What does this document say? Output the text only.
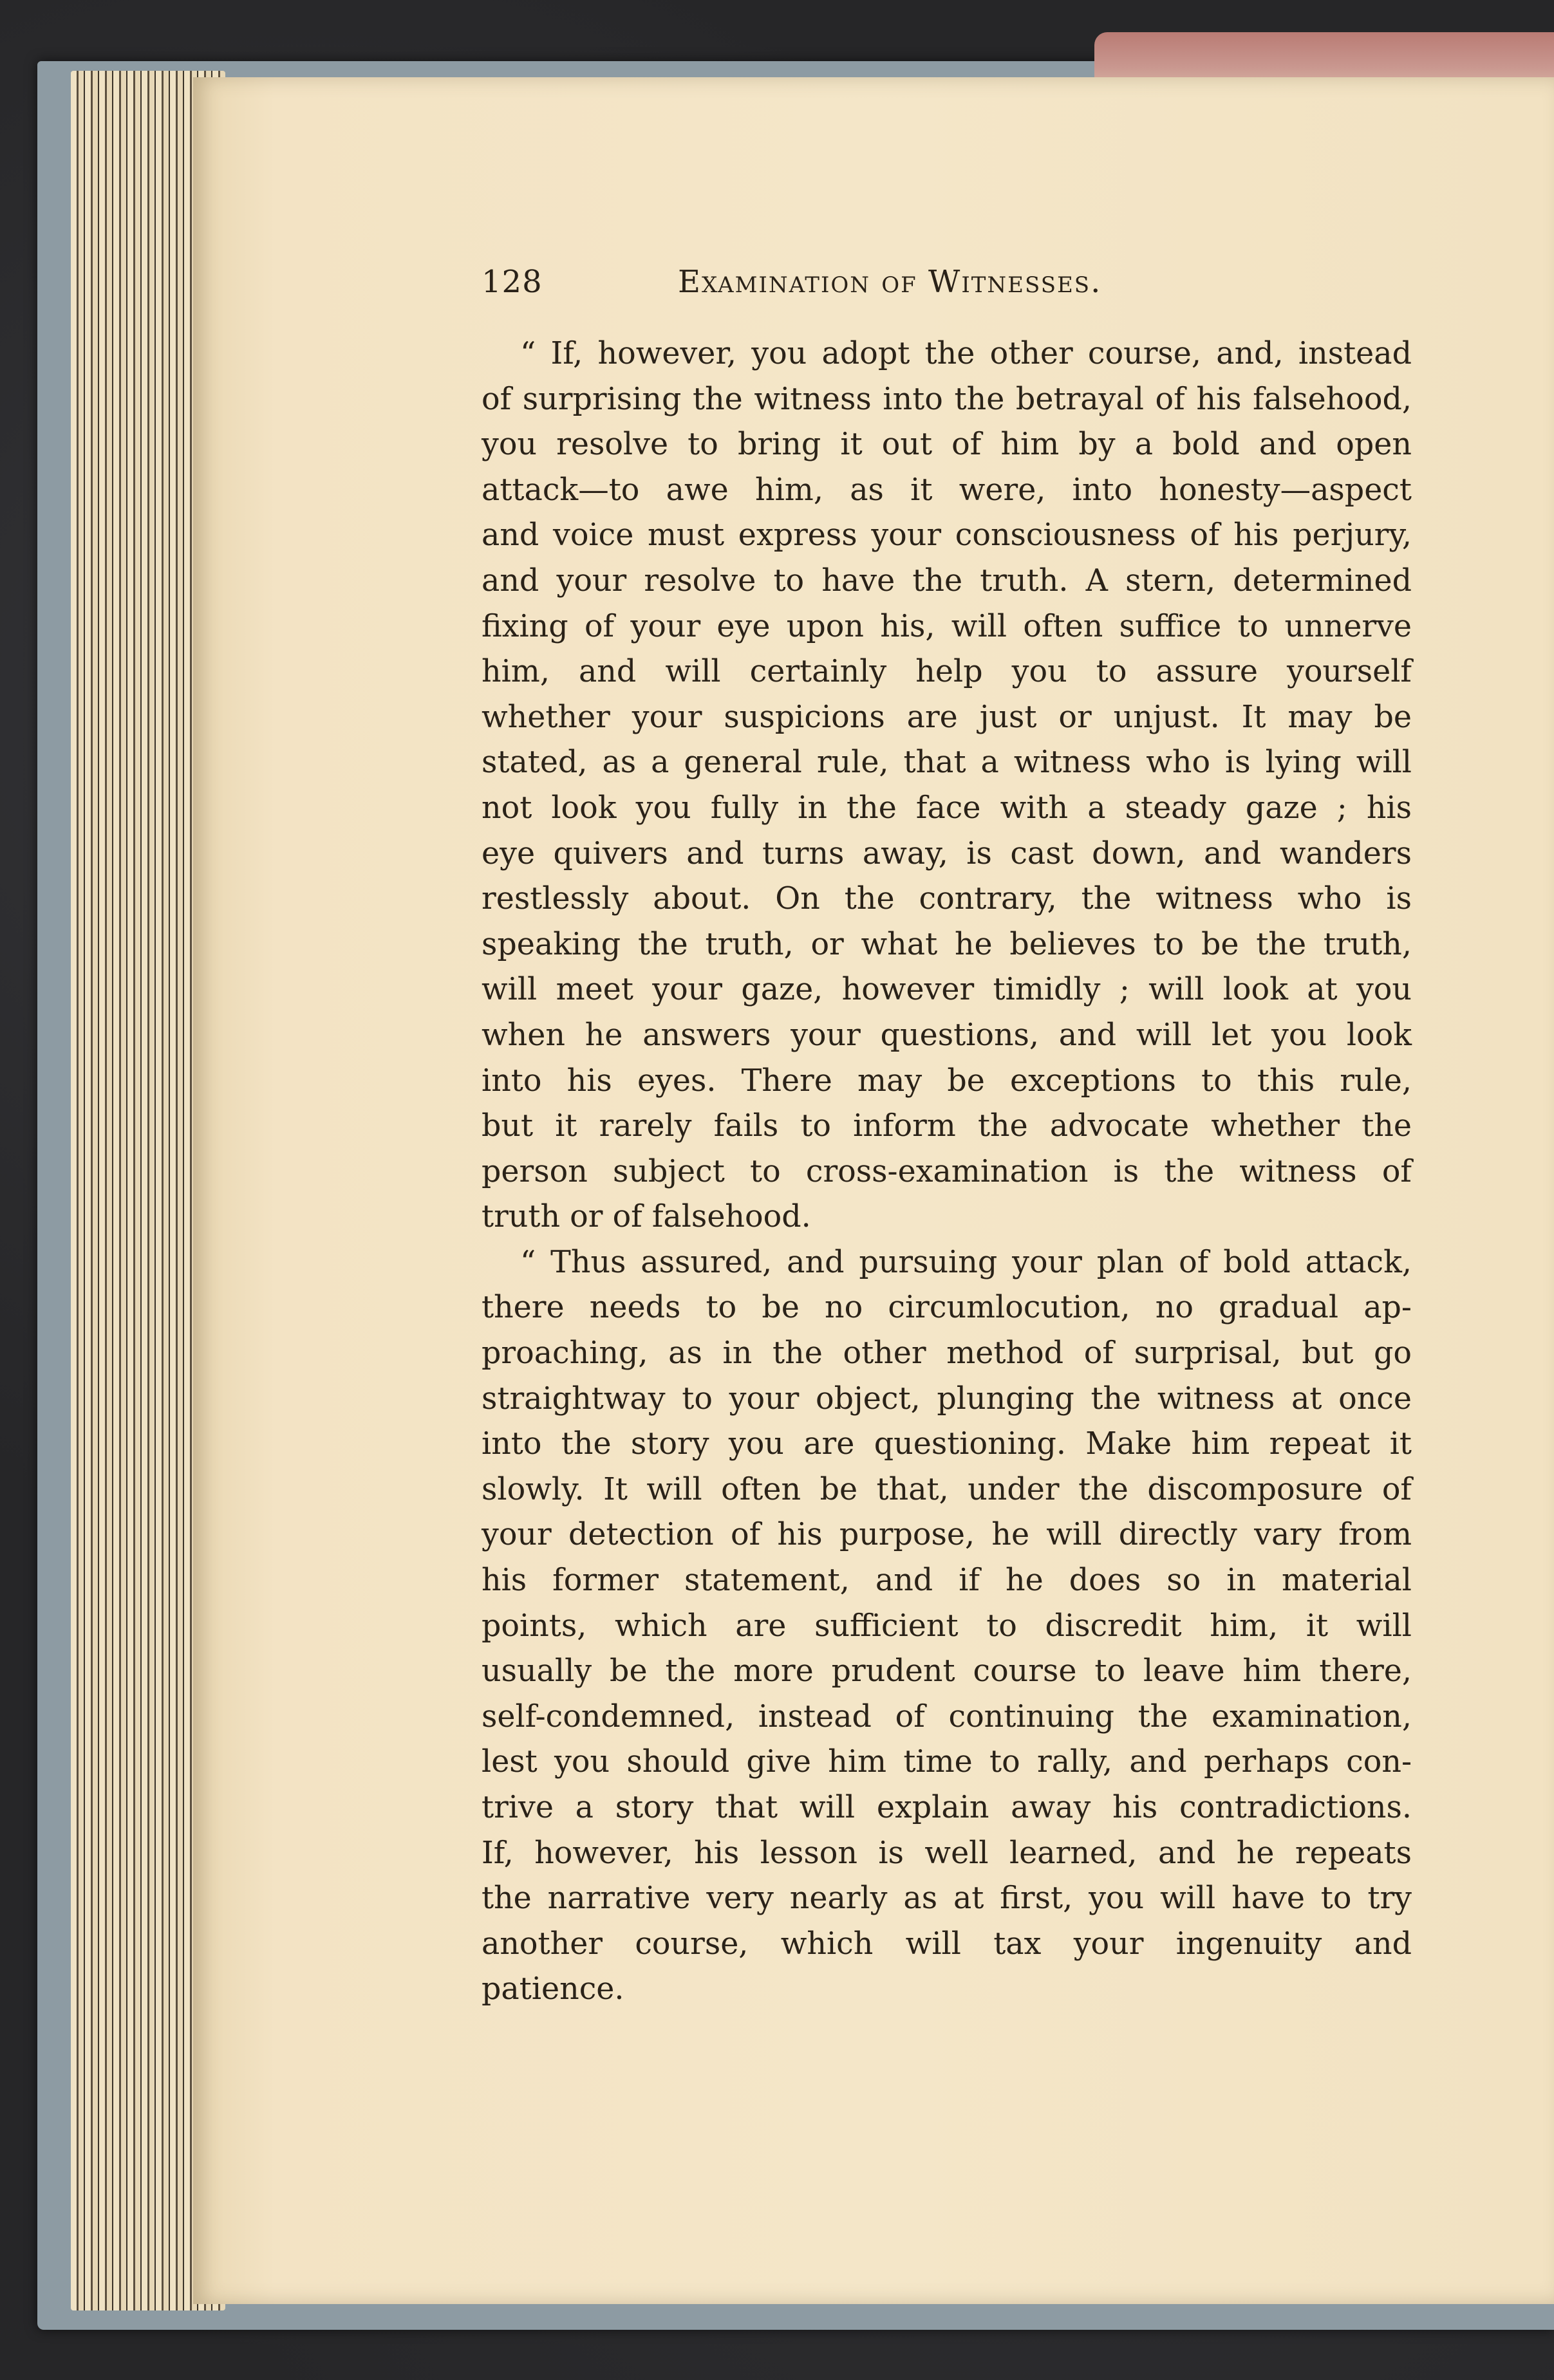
128	Examination of Witnesses.
“ If, however, you adopt the other course, and, instead
of surprising the witness into the betrayal of his falsehood,
you resolve to bring it out of him by a bold and open
attack—to awe him, as it were, into honesty—aspect
and voice must express your consciousness of his perjury,
and your resolve to have the truth. A stern, determined
fixing of your eye upon his, will often suffice to unnerve
him, and will certainly help you to assure yourself
whether your suspicions are just or unjust. It may be
stated, as a general rule, that a witness who is lying will
not look you fully in the face with a steady gaze ; his
eye quivers and turns away, is cast down, and wanders
restlessly about. On the contrary, the witness who is
speaking the truth, or what he believes to be the truth,
will meet your gaze, however timidly ; will look at you
when he answers your questions, and will let you look
into his eyes. There may be exceptions to this rule,
but it rarely fails to inform the advocate whether the
person subject to cross-examination is the witness of
truth or of falsehood.
“ Thus assured, and pursuing your plan of bold attack,
there needs to be no circumlocution, no gradual ap-
proaching, as in the other method of surprisal, but go
straightway to your object, plunging the witness at once
into the story you are questioning. Make him repeat it
slowly. It will often be that, under the discomposure of
your detection of his purpose, he will directly vary from
his former statement, and if he does so in material
points, which are sufficient to discredit him, it will
usually be the more prudent course to leave him there,
self-condemned, instead of continuing the examination,
lest you should give him time to rally, and perhaps con-
trive a story that will explain away his contradictions.
If, however, his lesson is well learned, and he repeats
the narrative very nearly as at first, you will have to try
another course, which will tax your ingenuity and
patience.
